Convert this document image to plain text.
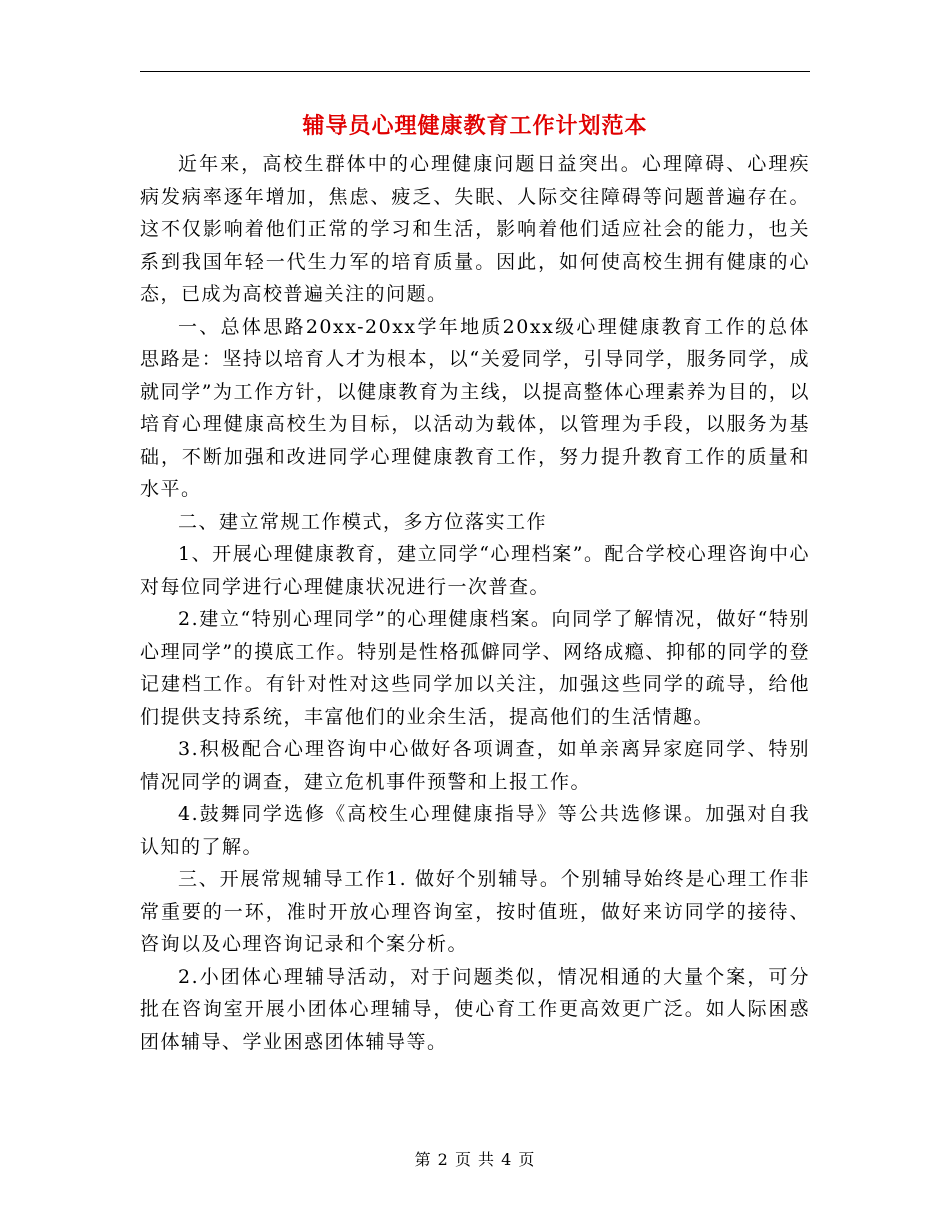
辅导员心理健康教育工作计划范本

近年来，高校生群体中的心理健康问题日益突出。心理障碍、心理疾病发病率逐年增加，焦虑、疲乏、失眠、人际交往障碍等问题普遍存在。这不仅影响着他们正常的学习和生活，影响着他们适应社会的能力，也关系到我国年轻一代生力军的培育质量。因此，如何使高校生拥有健康的心态，已成为高校普遍关注的问题。

一、总体思路20xx-20xx学年地质20xx级心理健康教育工作的总体思路是：坚持以培育人才为根本，以“关爱同学，引导同学，服务同学，成就同学”为工作方针，以健康教育为主线，以提高整体心理素养为目的，以培育心理健康高校生为目标，以活动为载体，以管理为手段，以服务为基础，不断加强和改进同学心理健康教育工作，努力提升教育工作的质量和水平。

二、建立常规工作模式，多方位落实工作

1、开展心理健康教育，建立同学“心理档案”。配合学校心理咨询中心对每位同学进行心理健康状况进行一次普查。

2.建立“特别心理同学”的心理健康档案。向同学了解情况，做好“特别心理同学”的摸底工作。特别是性格孤僻同学、网络成瘾、抑郁的同学的登记建档工作。有针对性对这些同学加以关注，加强这些同学的疏导，给他们提供支持系统，丰富他们的业余生活，提高他们的生活情趣。

3.积极配合心理咨询中心做好各项调查，如单亲离异家庭同学、特别情况同学的调查，建立危机事件预警和上报工作。

4.鼓舞同学选修《高校生心理健康指导》等公共选修课。加强对自我认知的了解。

三、开展常规辅导工作1. 做好个别辅导。个别辅导始终是心理工作非常重要的一环，准时开放心理咨询室，按时值班，做好来访同学的接待、咨询以及心理咨询记录和个案分析。

2.小团体心理辅导活动，对于问题类似，情况相通的大量个案，可分批在咨询室开展小团体心理辅导，使心育工作更高效更广泛。如人际困惑团体辅导、学业困惑团体辅导等。

第 2 页 共 4 页
